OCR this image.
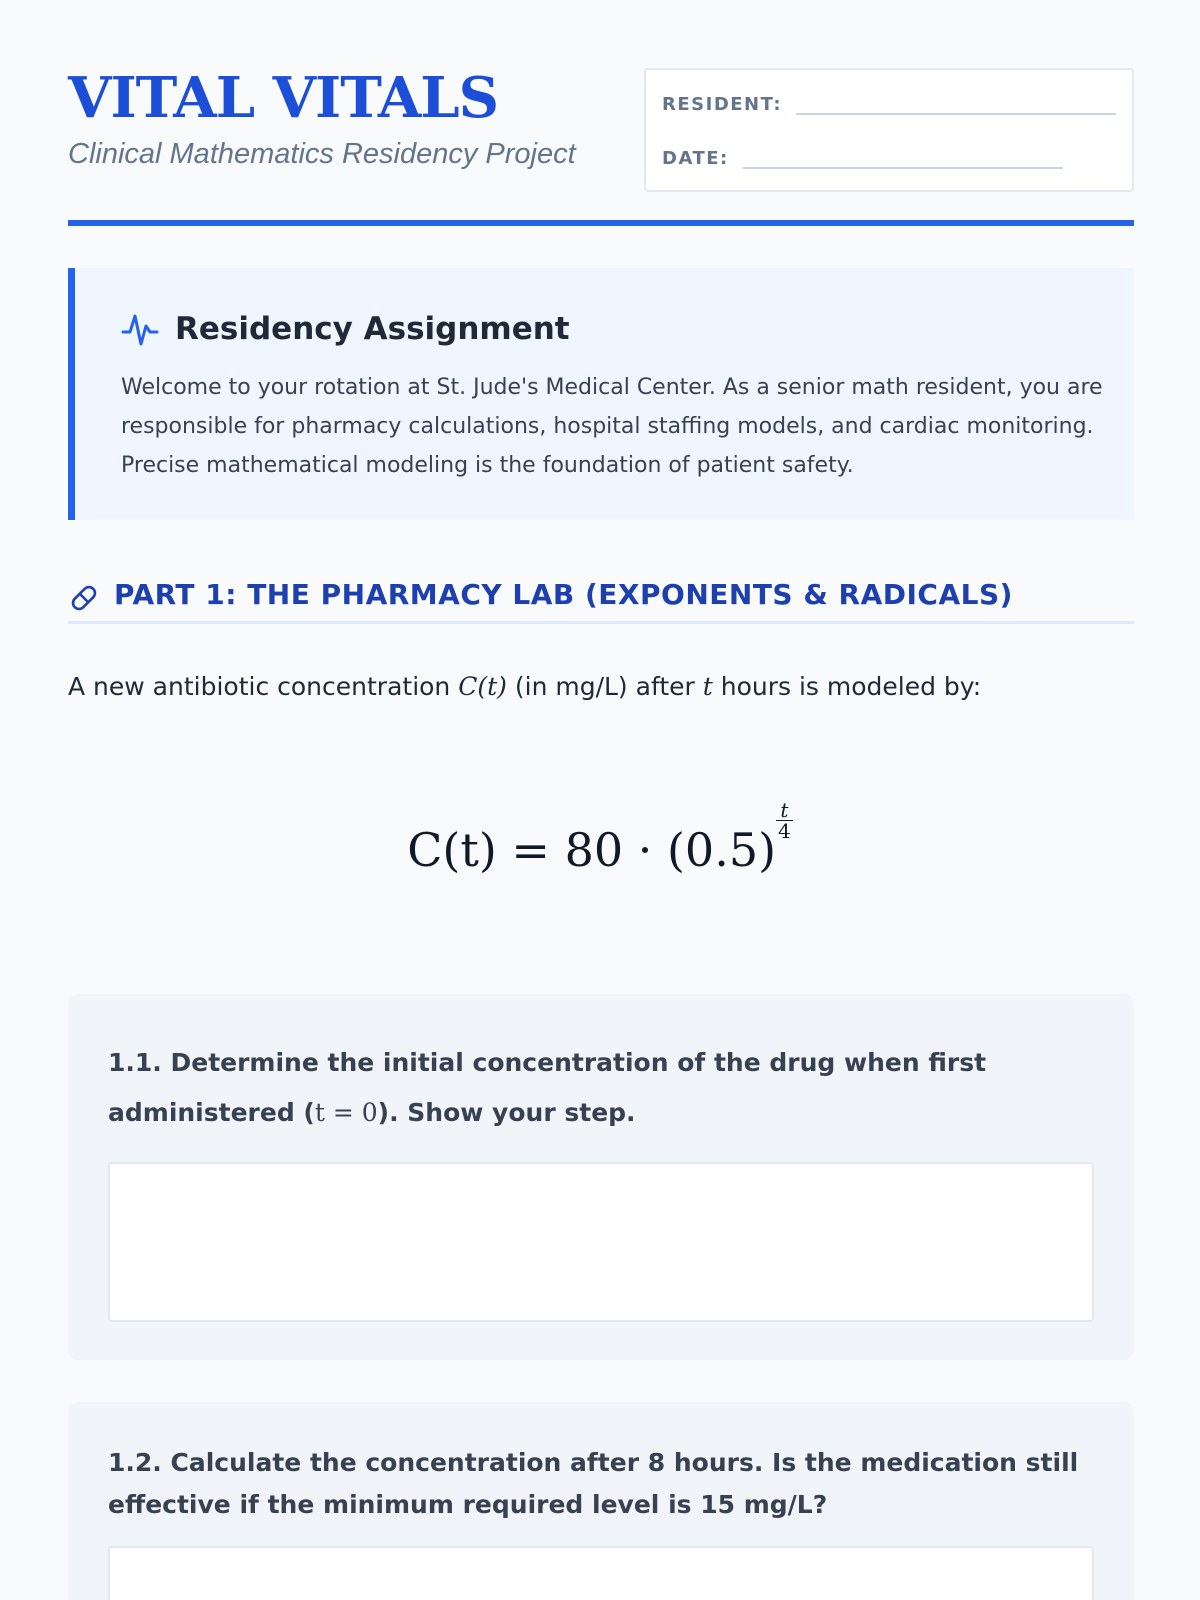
VITAL VITALS
Clinical Mathematics Residency Project
RESIDENT:
DATE:
Residency Assignment
Welcome to your rotation at St. Jude's Medical Center. As a senior math resident, you are responsible for pharmacy calculations, hospital staffing models, and cardiac monitoring. Precise mathematical modeling is the foundation of patient safety.
PART 1: THE PHARMACY LAB (EXPONENTS & RADICALS)
A new antibiotic concentration C(t) (in mg/L) after t hours is modeled by:
C(t) = 80 · (0.5)
$\frac{t}{4}$
1.1. Determine the initial concentration of the drug when first administered (t = 0). Show your step.
1.2. Calculate the concentration after 8 hours. Is the medication still effective if the minimum required level is 15 mg/L?
